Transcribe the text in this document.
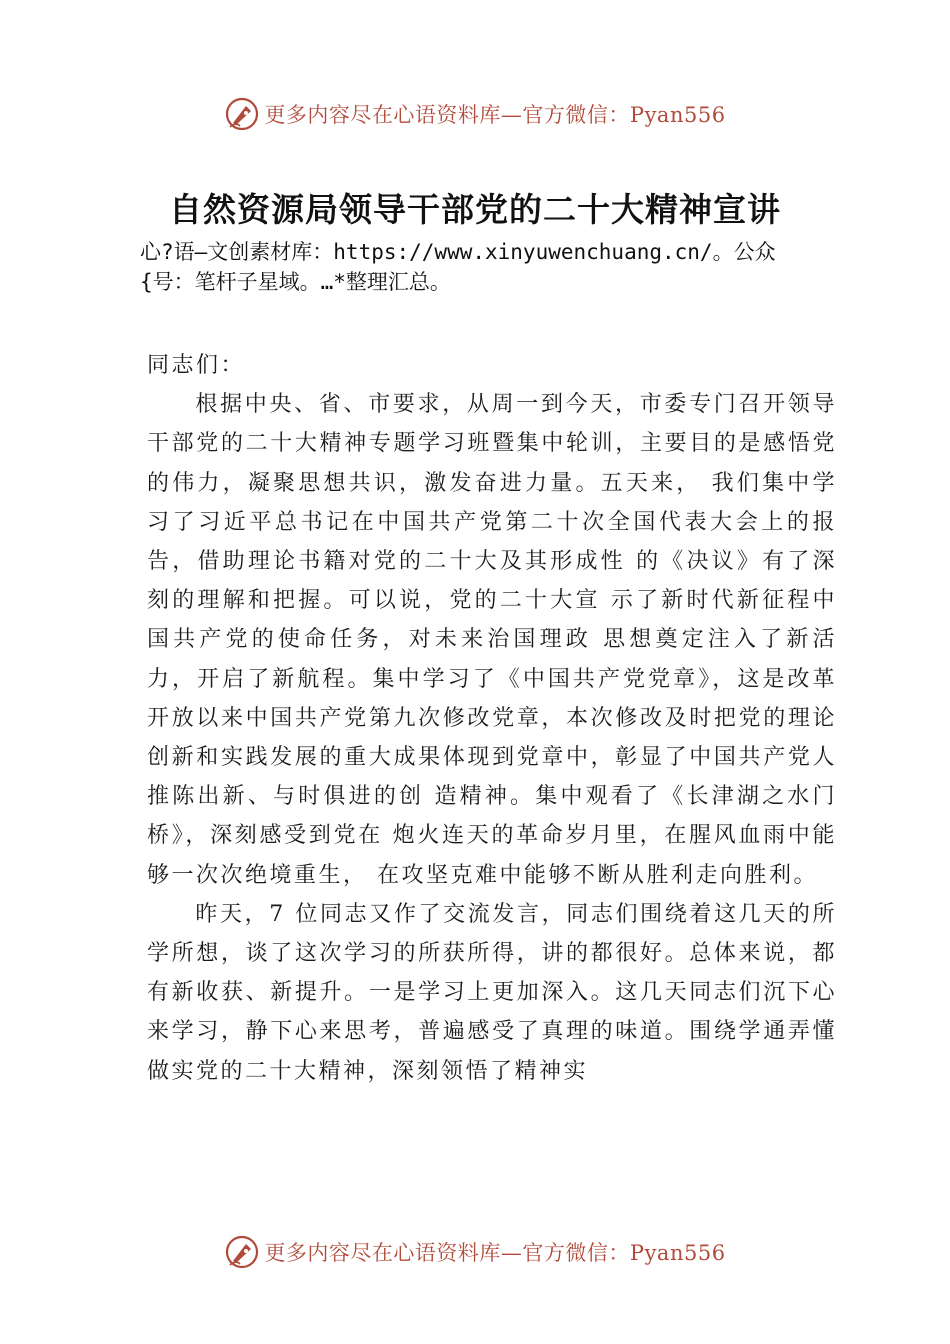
更多内容尽在心语资料库—官方微信：Pyan556
自然资源局领导干部党的二十大精神宣讲

心?语—文创素材库：https://www.xinyuwenchuang.cn/。公众

{号：笔杆子星域。…*整理汇总。

同志们：

根据中央、省、市要求，从周一到今天，市委专门召开领导干部党的二十大精神专题学习班暨集中轮训，主要目的是感悟党的伟力，凝聚思想共识，激发奋进力量。五天来， 我们集中学习了习近平总书记在中国共产党第二十次全国代表大会上的报告，借助理论书籍对党的二十大及其形成性 的《决议》有了深刻的理解和把握。可以说，党的二十大宣 示了新时代新征程中国共产党的使命任务，对未来治国理政 思想奠定注入了新活力，开启了新航程。集中学习了《中国共产党党章》，这是改革开放以来中国共产党第九次修改党章，本次修改及时把党的理论创新和实践发展的重大成果体现到党章中，彰显了中国共产党人推陈出新、与时俱进的创 造精神。集中观看了《长津湖之水门桥》，深刻感受到党在 炮火连天的革命岁月里，在腥风血雨中能够一次次绝境重生， 在攻坚克难中能够不断从胜利走向胜利。

昨天，7 位同志又作了交流发言，同志们围绕着这几天的所学所想，谈了这次学习的所获所得，讲的都很好。总体来说，都有新收获、新提升。一是学习上更加深入。这几天同志们沉下心来学习，静下心来思考，普遍感受了真理的味道。围绕学通弄懂做实党的二十大精神，深刻领悟了精神实

更多内容尽在心语资料库—官方微信：Pyan556
